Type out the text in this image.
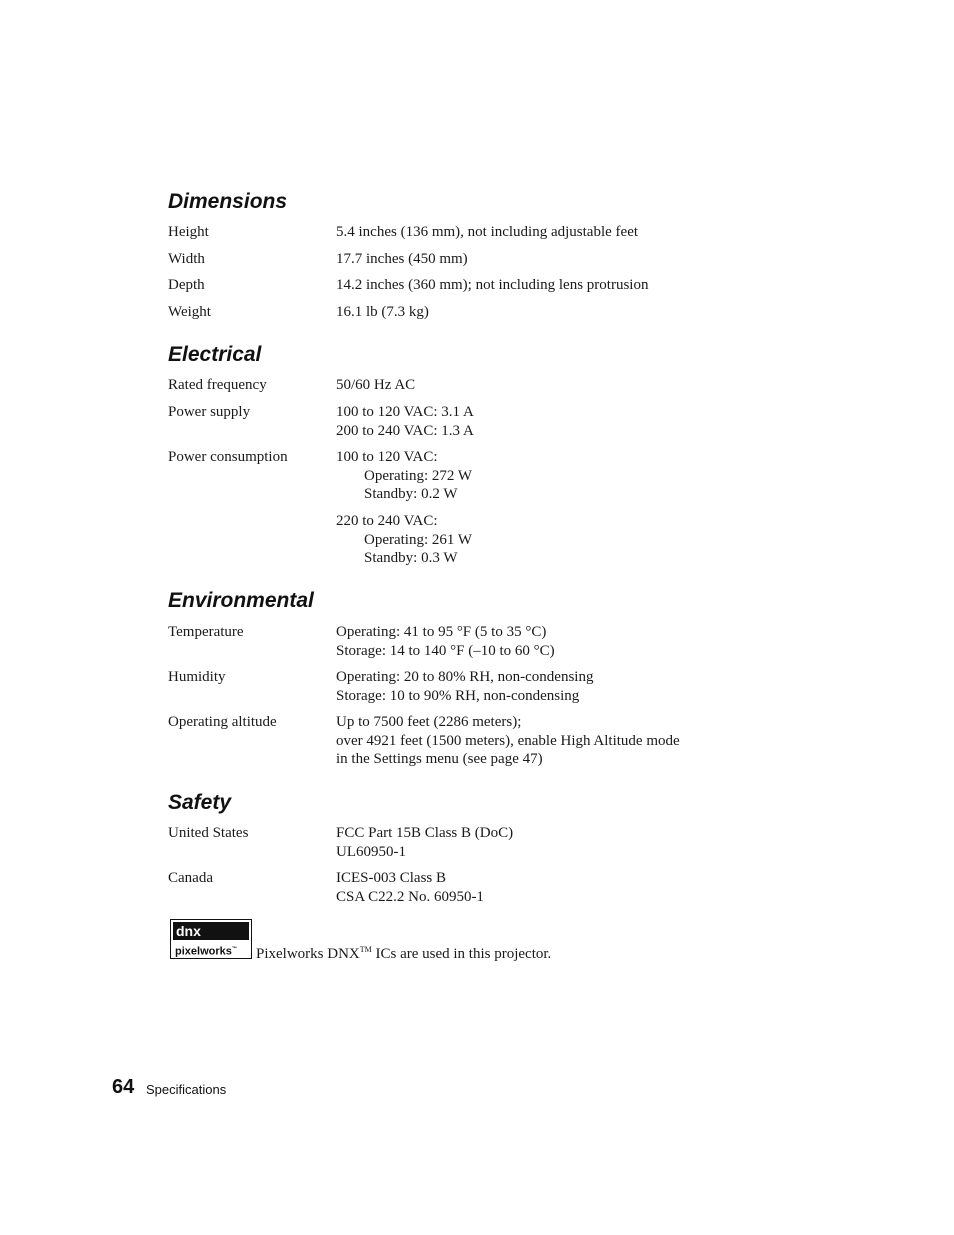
Dimensions
Height	5.4 inches (136 mm), not including adjustable feet
Width	17.7 inches (450 mm)
Depth	14.2 inches (360 mm); not including lens protrusion
Weight	16.1 lb (7.3 kg)
Electrical
Rated frequency	50/60 Hz AC
Power supply	100 to 120 VAC: 3.1 A
200 to 240 VAC: 1.3 A
Power consumption	100 to 120 VAC:
Operating: 272 W
Standby: 0.2 W
220 to 240 VAC:
Operating: 261 W
Standby: 0.3 W
Environmental
Temperature	Operating: 41 to 95 °F (5 to 35 °C)
Storage: 14 to 140 °F (–10 to 60 °C)
Humidity	Operating: 20 to 80% RH, non-condensing
Storage: 10 to 90% RH, non-condensing
Operating altitude	Up to 7500 feet (2286 meters);
over 4921 feet (1500 meters), enable High Altitude mode
in the Settings menu (see page 47)
Safety
United States	FCC Part 15B Class B (DoC)
UL60950-1
Canada	ICES-003 Class B
CSA C22.2 No. 60950-1
dnx
pixelworks™	Pixelworks DNX™ ICs are used in this projector.
64 Specifications
